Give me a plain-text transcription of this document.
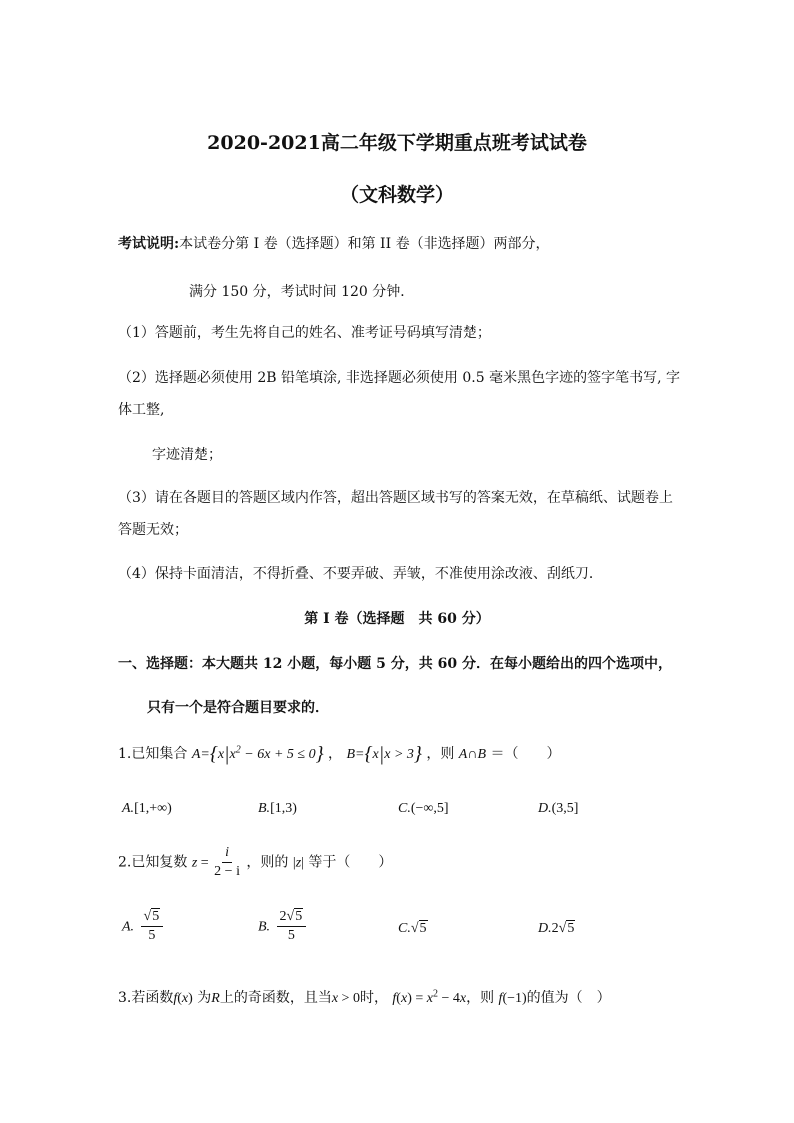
2020-2021高二年级下学期重点班考试试卷
（文科数学）
考试说明:本试卷分第 I 卷（选择题）和第 II 卷（非选择题）两部分，
满分 150 分，考试时间 120 分钟．
（1）答题前，考生先将自己的姓名、准考证号码填写清楚；
（2）选择题必须使用 2B 铅笔填涂, 非选择题必须使用 0.5 毫米黑色字迹的签字笔书写, 字
体工整,
字迹清楚；
（3）请在各题目的答题区域内作答，超出答题区域书写的答案无效，在草稿纸、试题卷上
答题无效；
（4）保持卡面清洁，不得折叠、不要弄破、弄皱，不准使用涂改液、刮纸刀．
第 I 卷（选择题　共 60 分）
一、选择题：本大题共 12 小题，每小题 5 分，共 60 分．在每小题给出的四个选项中，
只有一个是符合题目要求的．
1.已知集合 $A=\{x|x^2 - 6x + 5 \le 0\}$ ， B={x|x > 3} ，则 A∩B ＝（　　）
A.[1,+∞)	B.[1,3)	C.(−∞,5]	D.(3,5]
2.已知复数 $z = \frac{i}{2 - i}$ ，则的 |z| 等于（　　）
A. $\frac{√5}{5}$	B. $\frac{2√5}{5}$	C.√5	D.2√5
3.若函数f(x) 为R上的奇函数，且当x > 0时， $f(x) = x^2 - 4x$，则 f(−1)的值为（　）
